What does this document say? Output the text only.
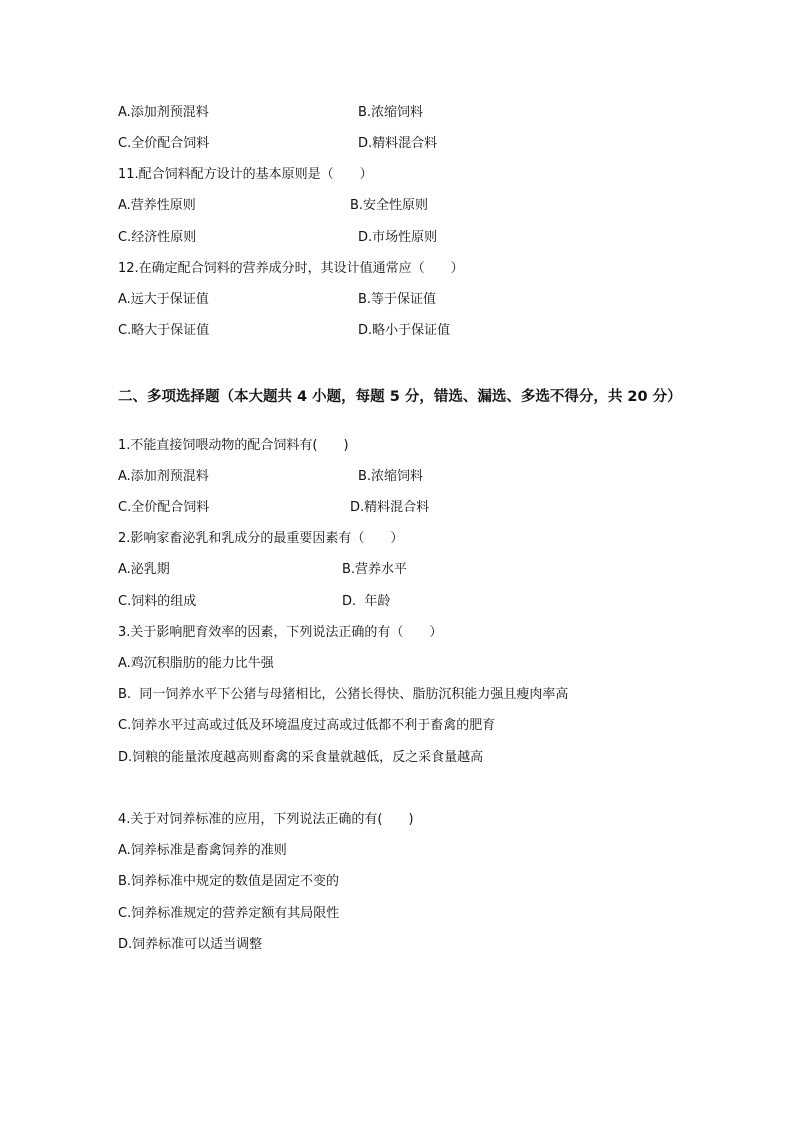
A.添加剂预混料	B.浓缩饲料
C.全价配合饲料	D.精料混合料
11.配合饲料配方设计的基本原则是（　　）
A.营养性原则	B.安全性原则
C.经济性原则	D.市场性原则
12.在确定配合饲料的营养成分时，其设计值通常应（　　）
A.远大于保证值	B.等于保证值
C.略大于保证值	D.略小于保证值
二、多项选择题（本大题共 4 小题，每题 5 分，错选、漏选、多选不得分，共 20 分）
1.不能直接饲喂动物的配合饲料有(　　)
A.添加剂预混料	B.浓缩饲料
C.全价配合饲料	D.精料混合料
2.影响家畜泌乳和乳成分的最重要因素有（　　）
A.泌乳期	B.营养水平
C.饲料的组成	D.  年龄
3.关于影响肥育效率的因素，下列说法正确的有（　　）
A.鸡沉积脂肪的能力比牛强
B.  同一饲养水平下公猪与母猪相比，公猪长得快、脂肪沉积能力强且瘦肉率高
C.饲养水平过高或过低及环境温度过高或过低都不利于畜禽的肥育
D.饲粮的能量浓度越高则畜禽的采食量就越低，反之采食量越高
4.关于对饲养标准的应用，下列说法正确的有(　　)
A.饲养标准是畜禽饲养的准则
B.饲养标准中规定的数值是固定不变的
C.饲养标准规定的营养定额有其局限性
D.饲养标准可以适当调整
